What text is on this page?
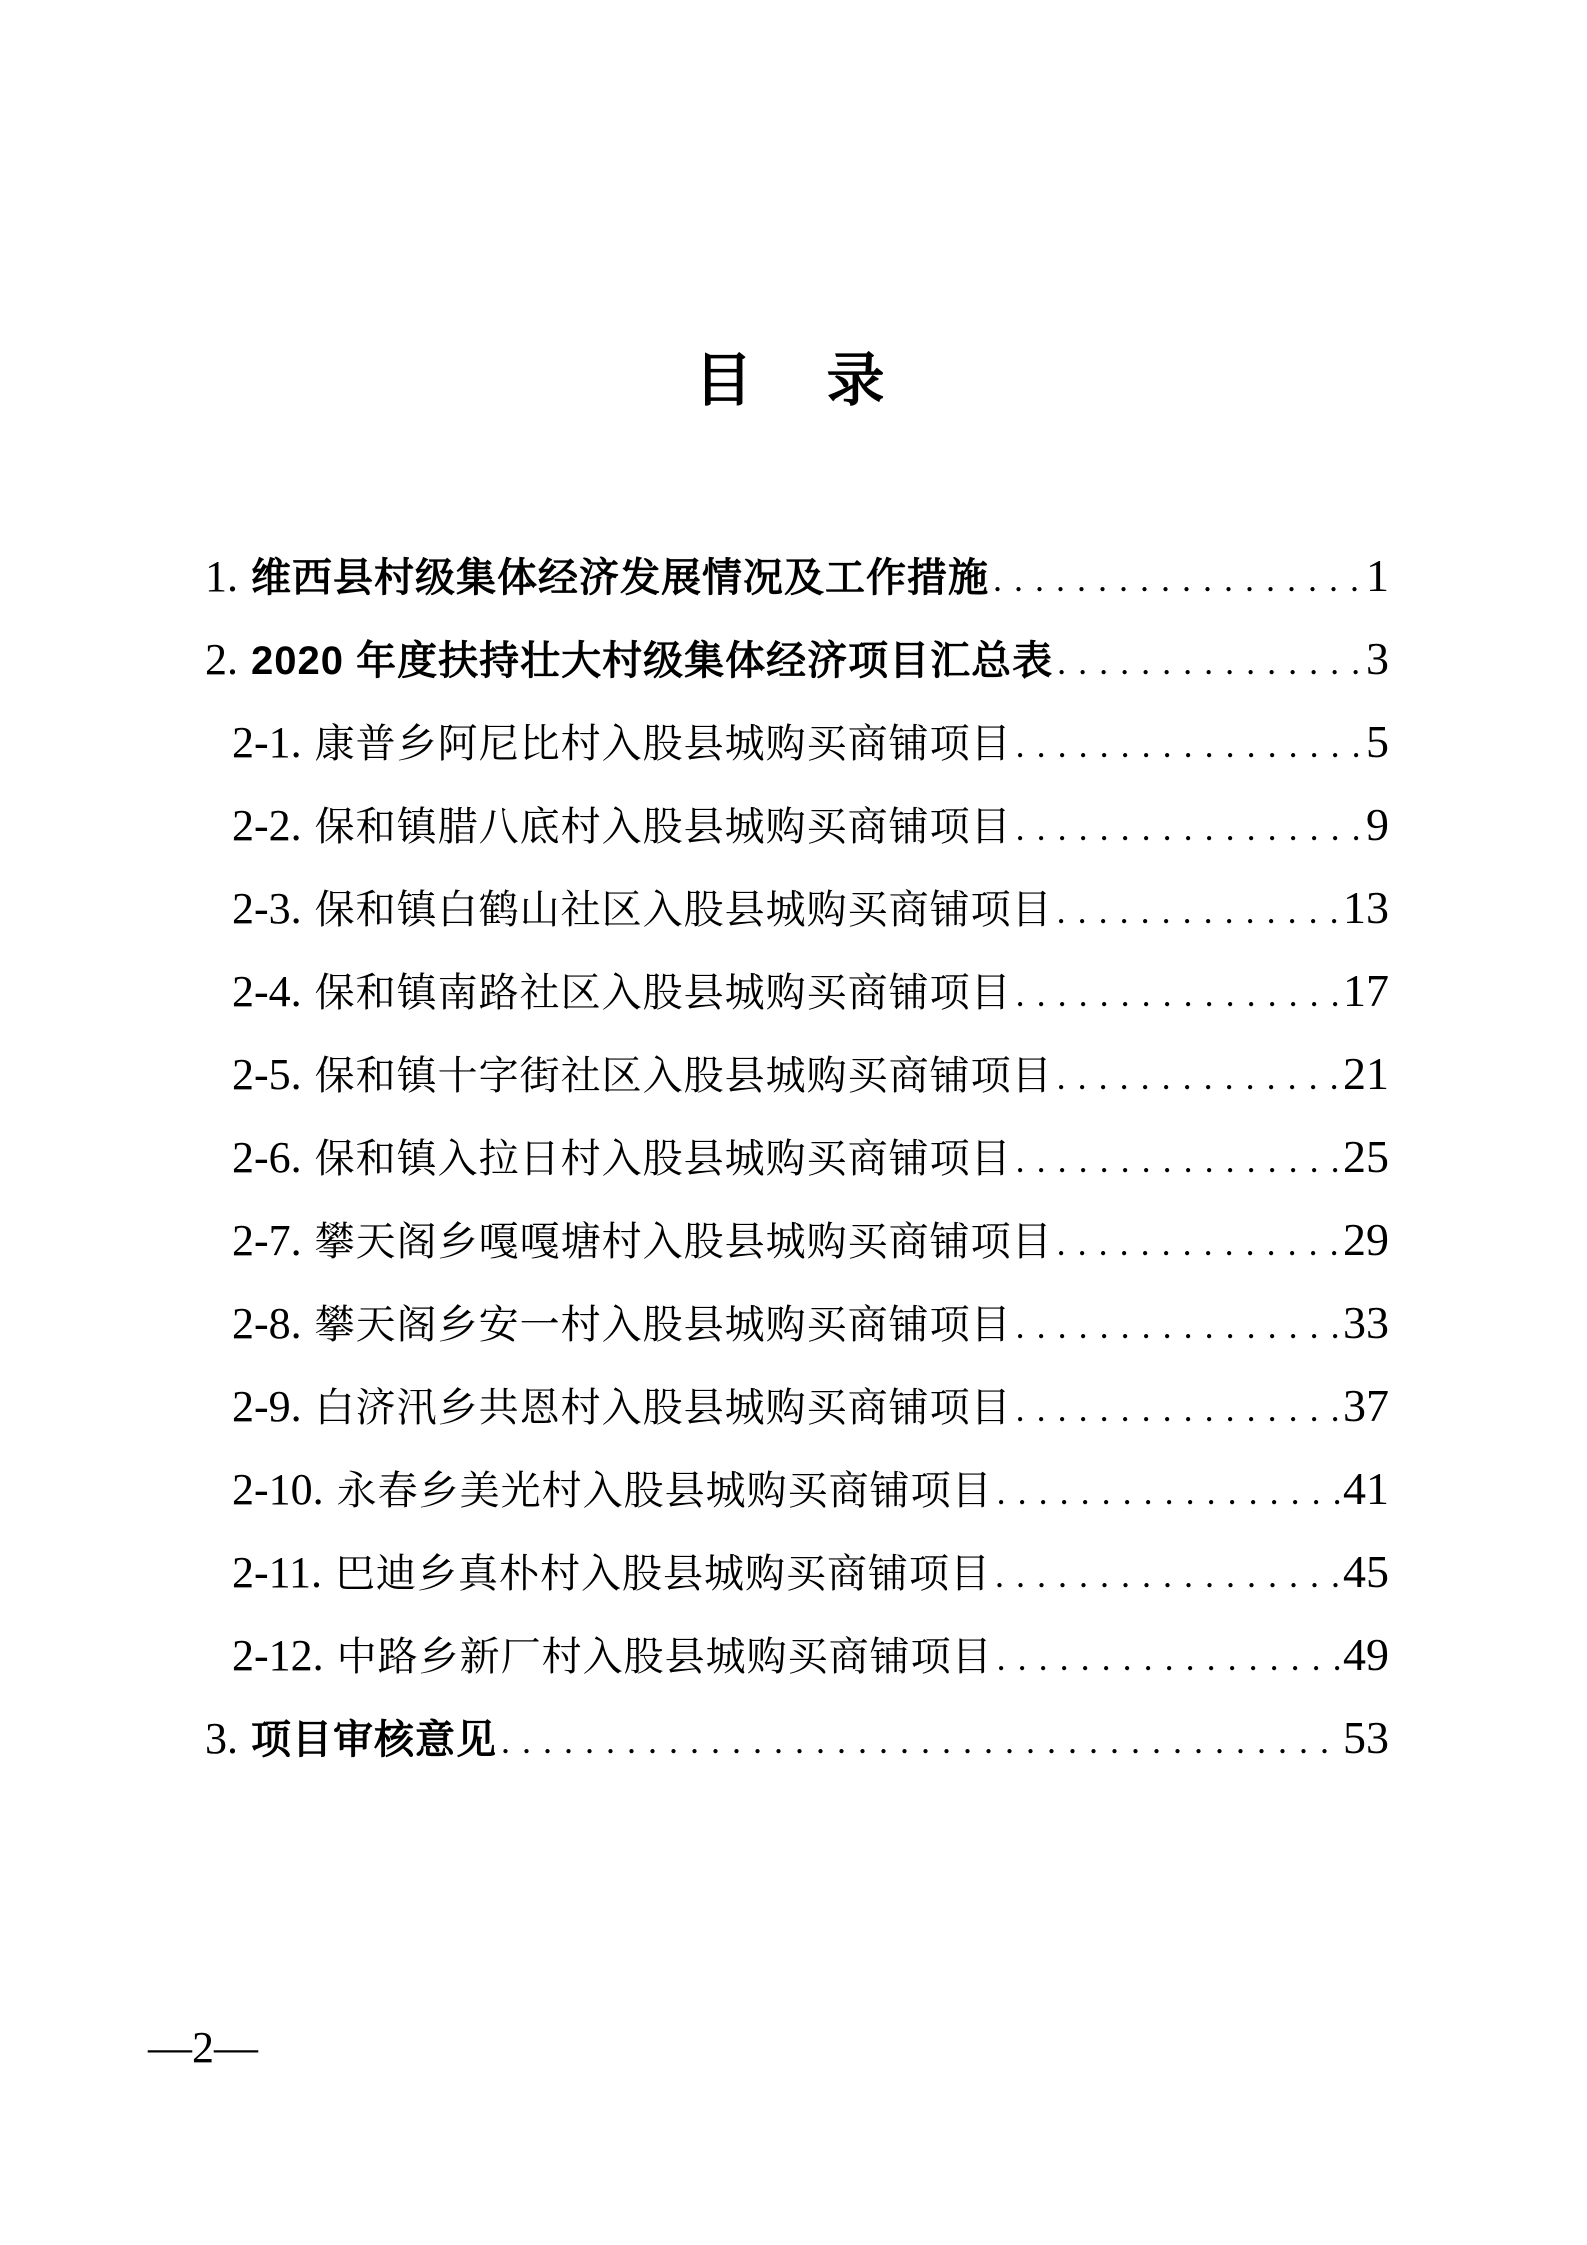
目　录
1. 维西县村级集体经济发展情况及工作措施 .....	1
2. 2020 年度扶持壮大村级集体经济项目汇总表 .....	3
2-1. 康普乡阿尼比村入股县城购买商铺项目 .....	5
2-2. 保和镇腊八底村入股县城购买商铺项目 .....	9
2-3. 保和镇白鹤山社区入股县城购买商铺项目 .....	13
2-4. 保和镇南路社区入股县城购买商铺项目 .....	17
2-5. 保和镇十字街社区入股县城购买商铺项目 .....	21
2-6. 保和镇入拉日村入股县城购买商铺项目 .....	25
2-7. 攀天阁乡嘎嘎塘村入股县城购买商铺项目 .....	29
2-8. 攀天阁乡安一村入股县城购买商铺项目 .....	33
2-9. 白济汛乡共恩村入股县城购买商铺项目 .....	37
2-10. 永春乡美光村入股县城购买商铺项目 .....	41
2-11. 巴迪乡真朴村入股县城购买商铺项目 .....	45
2-12. 中路乡新厂村入股县城购买商铺项目 .....	49
3. 项目审核意见 .....	53
—2—
